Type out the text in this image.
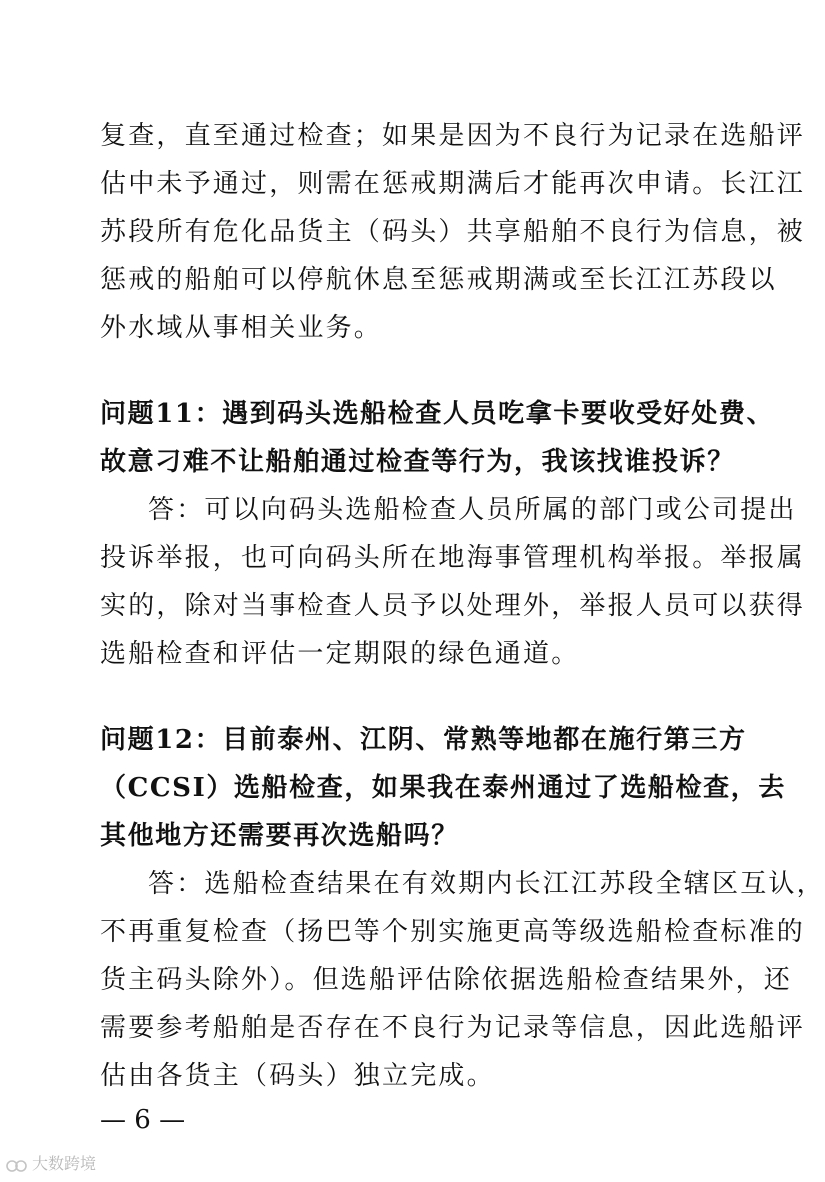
复查，直至通过检查；如果是因为不良行为记录在选船评
估中未予通过，则需在惩戒期满后才能再次申请。长江江
苏段所有危化品货主（码头）共享船舶不良行为信息，被
惩戒的船舶可以停航休息至惩戒期满或至长江江苏段以
外水域从事相关业务。
问题11：遇到码头选船检查人员吃拿卡要收受好处费、
故意刁难不让船舶通过检查等行为，我该找谁投诉？
答：可以向码头选船检查人员所属的部门或公司提出
投诉举报，也可向码头所在地海事管理机构举报。举报属
实的，除对当事检查人员予以处理外，举报人员可以获得
选船检查和评估一定期限的绿色通道。
问题12：目前泰州、江阴、常熟等地都在施行第三方
（CCSI）选船检查，如果我在泰州通过了选船检查，去
其他地方还需要再次选船吗？
答：选船检查结果在有效期内长江江苏段全辖区互认，
不再重复检查（扬巴等个别实施更高等级选船检查标准的
货主码头除外）。但选船评估除依据选船检查结果外，还
需要参考船舶是否存在不良行为记录等信息，因此选船评
估由各货主（码头）独立完成。
— 6 —
大数跨境
